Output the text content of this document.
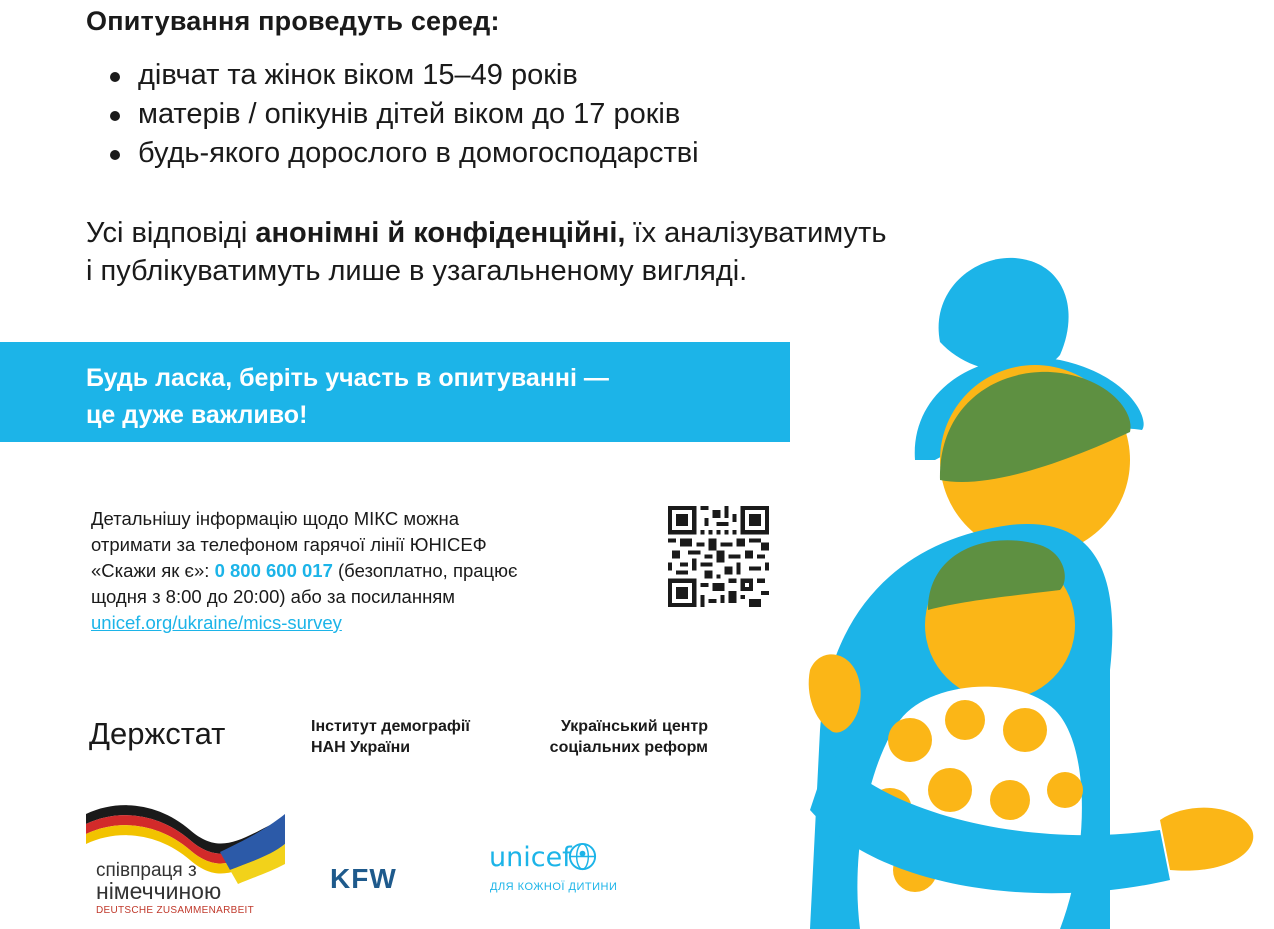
Опитування проведуть серед:
дівчат та жінок віком 15–49 років
матерів / опікунів дітей віком до 17 років
будь-якого дорослого в домогосподарстві
Усі відповіді анонімні й конфіденційні, їх аналізуватимуть
і публікуватимуть лише в узагальненому вигляді.
Будь ласка, беріть участь в опитуванні —
це дуже важливо!
Детальнішу інформацію щодо МІКС можна
отримати за телефоном гарячої лінії ЮНІСЕФ
«Скажи як є»: 0 800 600 017 (безоплатно, працює
щодня з 8:00 до 20:00) або за посиланням
unicef.org/ukraine/mics-survey
Держстат	Інститут демографії
НАН України
Український центр
соціальних реформ
співпраця з
німеччиною
DEUTSCHE ZUSAMMENARBEIT
KFW
unicef
ДЛЯ КОЖНОЇ ДИТИНИ
